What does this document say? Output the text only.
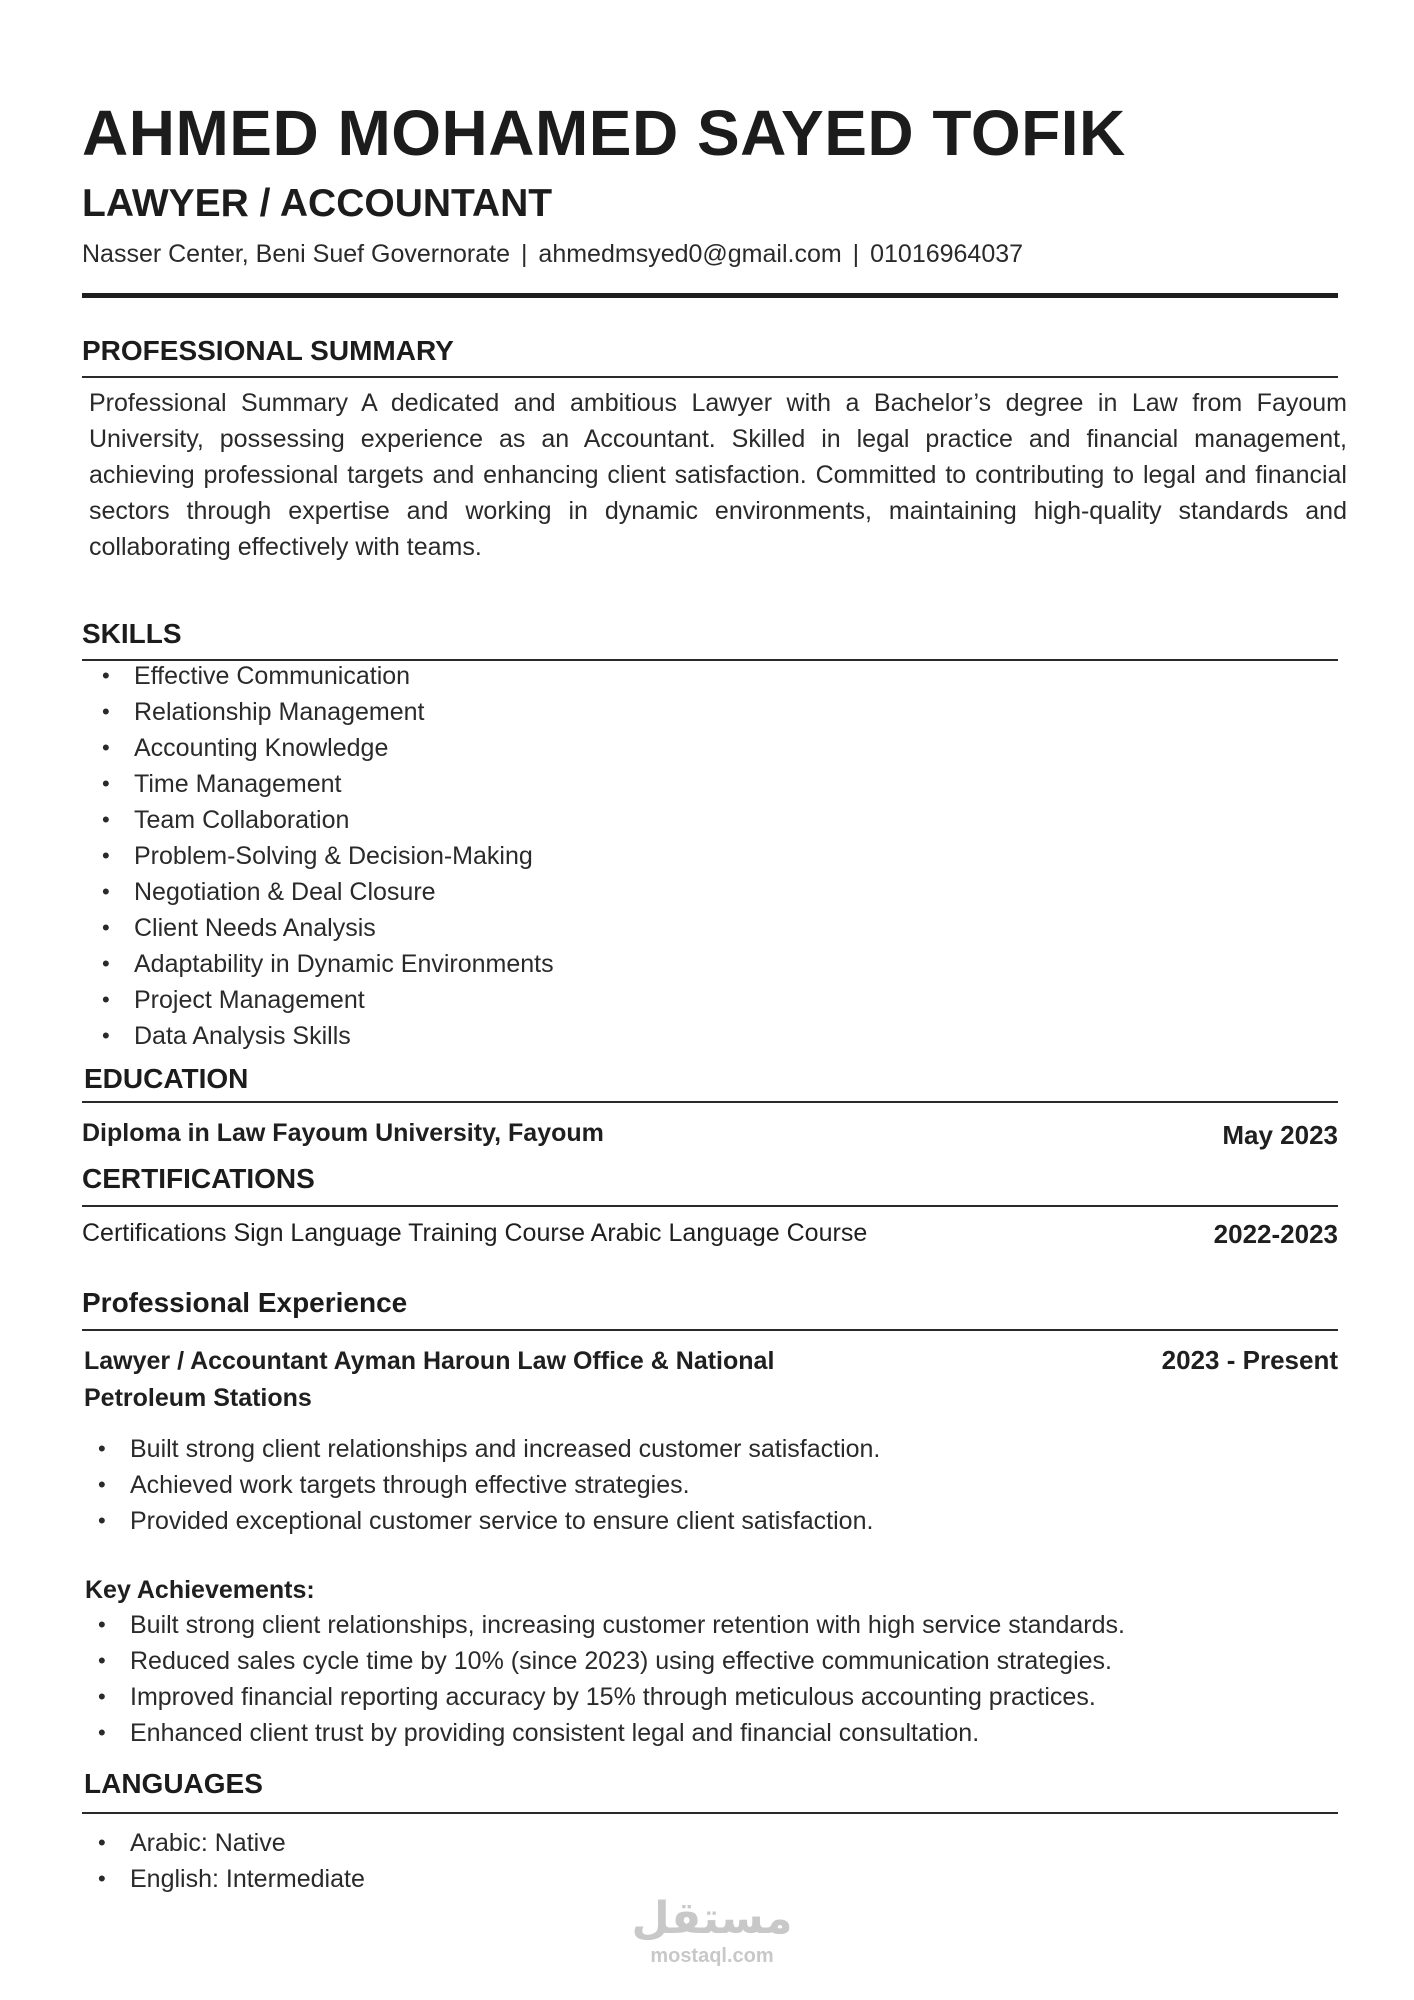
AHMED MOHAMED SAYED TOFIK
LAWYER / ACCOUNTANT
Nasser Center, Beni Suef Governorate | ahmedmsyed0@gmail.com | 01016964037
PROFESSIONAL SUMMARY

Professional Summary A dedicated and ambitious Lawyer with a Bachelor’s degree in Law from Fayoum University, possessing experience as an Accountant. Skilled in legal practice and financial management, achieving professional targets and enhancing client satisfaction. Committed to contributing to legal and financial sectors through expertise and working in dynamic environments, maintaining high-quality standards and collaborating effectively with teams.

SKILLS
• Effective Communication
• Relationship Management
• Accounting Knowledge
• Time Management
• Team Collaboration
• Problem-Solving & Decision-Making
• Negotiation & Deal Closure
• Client Needs Analysis
• Adaptability in Dynamic Environments
• Project Management
• Data Analysis Skills
EDUCATION
Diploma in Law Fayoum University, Fayoum	May 2023
CERTIFICATIONS
Certifications Sign Language Training Course Arabic Language Course	2022-2023
Professional Experience
Lawyer / Accountant Ayman Haroun Law Office & National Petroleum Stations
2023 - Present
• Built strong client relationships and increased customer satisfaction.
• Achieved work targets through effective strategies.
• Provided exceptional customer service to ensure client satisfaction.
Key Achievements:
• Built strong client relationships, increasing customer retention with high service standards.
• Reduced sales cycle time by 10% (since 2023) using effective communication strategies.
• Improved financial reporting accuracy by 15% through meticulous accounting practices.
• Enhanced client trust by providing consistent legal and financial consultation.
LANGUAGES
• Arabic: Native
• English: Intermediate
مستقل
mostaql.com
